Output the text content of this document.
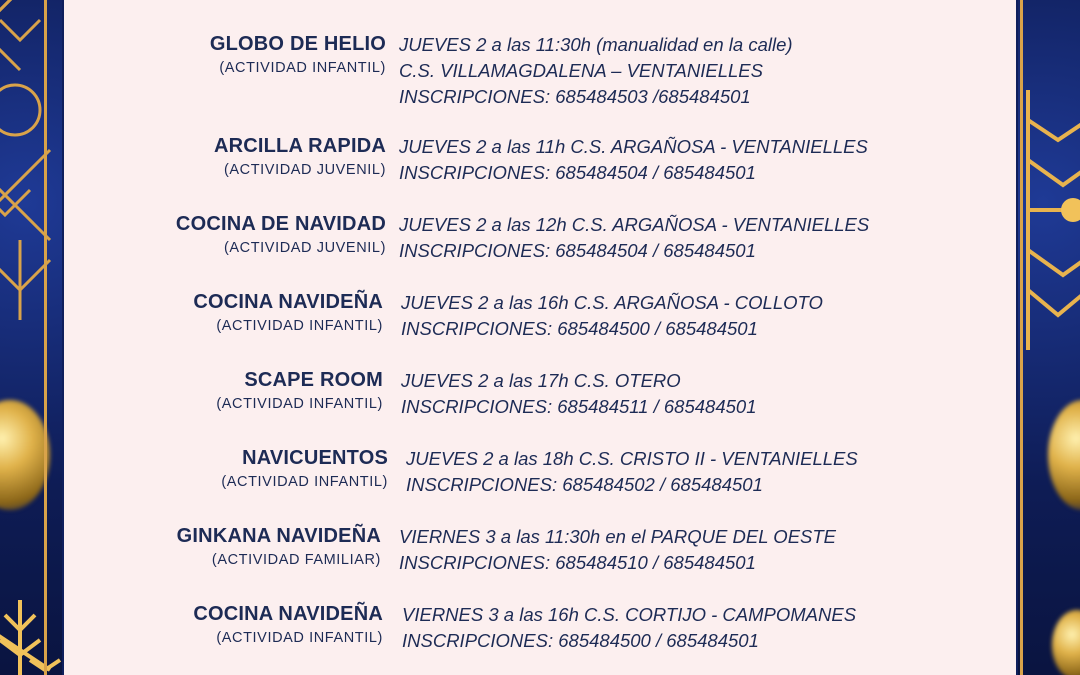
GLOBO DE HELIO
(ACTIVIDAD INFANTIL)
JUEVES 2 a las 11:30h (manualidad en la calle)
C.S. VILLAMAGDALENA – VENTANIELLES
INSCRIPCIONES: 685484503 /685484501
ARCILLA RAPIDA
(ACTIVIDAD JUVENIL)
JUEVES 2 a las 11h C.S. ARGAÑOSA - VENTANIELLES
INSCRIPCIONES: 685484504 / 685484501
COCINA DE NAVIDAD
(ACTIVIDAD JUVENIL)
JUEVES 2 a las 12h C.S. ARGAÑOSA - VENTANIELLES
INSCRIPCIONES: 685484504 / 685484501
COCINA NAVIDEÑA
(ACTIVIDAD INFANTIL)
JUEVES 2 a las 16h C.S. ARGAÑOSA - COLLOTO
INSCRIPCIONES: 685484500 / 685484501
SCAPE ROOM
(ACTIVIDAD INFANTIL)
JUEVES 2 a las 17h C.S. OTERO
INSCRIPCIONES: 685484511 / 685484501
NAVICUENTOS
(ACTIVIDAD INFANTIL)
JUEVES 2 a las 18h C.S. CRISTO II - VENTANIELLES
INSCRIPCIONES: 685484502 / 685484501
GINKANA NAVIDEÑA
(ACTIVIDAD FAMILIAR)
VIERNES 3 a las 11:30h en el PARQUE DEL OESTE
INSCRIPCIONES: 685484510 / 685484501
COCINA NAVIDEÑA
(ACTIVIDAD INFANTIL)
VIERNES 3 a las 16h C.S. CORTIJO - CAMPOMANES
INSCRIPCIONES: 685484500 / 685484501
